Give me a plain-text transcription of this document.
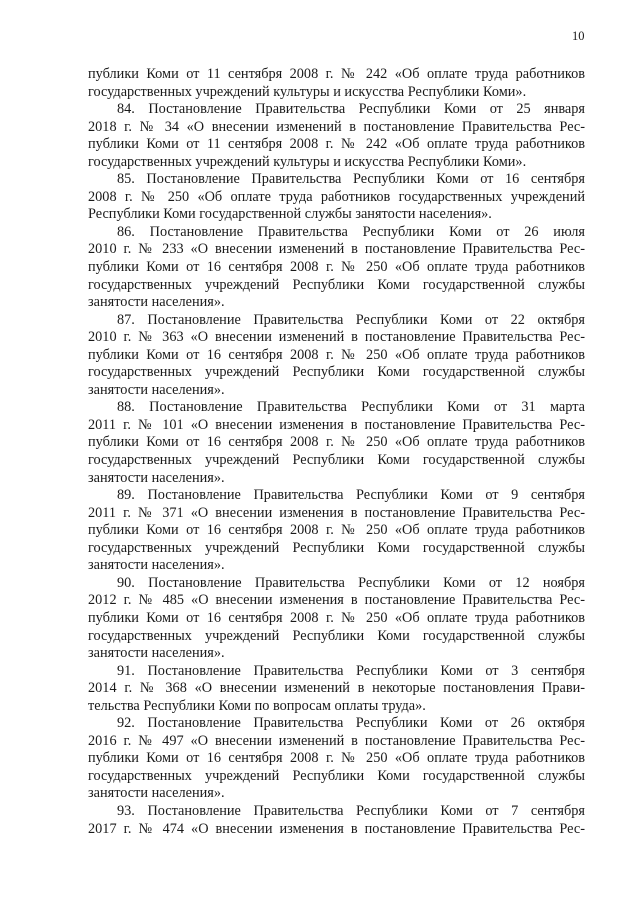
10

публики Коми от 11 сентября 2008 г. № 242 «Об оплате труда работников
государственных учреждений культуры и искусства Республики Коми».

84. Постановление Правительства Республики Коми от 25 января
2018 г. № 34 «О внесении изменений в постановление Правительства Рес-
публики Коми от 11 сентября 2008 г. № 242 «Об оплате труда работников
государственных учреждений культуры и искусства Республики Коми».

85. Постановление Правительства Республики Коми от 16 сентября
2008 г. № 250 «Об оплате труда работников государственных учреждений
Республики Коми государственной службы занятости населения».

86. Постановление Правительства Республики Коми от 26 июля
2010 г. № 233 «О внесении изменений в постановление Правительства Рес-
публики Коми от 16 сентября 2008 г. № 250 «Об оплате труда работников
государственных учреждений Республики Коми государственной службы
занятости населения».

87. Постановление Правительства Республики Коми от 22 октября
2010 г. № 363 «О внесении изменений в постановление Правительства Рес-
публики Коми от 16 сентября 2008 г. № 250 «Об оплате труда работников
государственных учреждений Республики Коми государственной службы
занятости населения».

88. Постановление Правительства Республики Коми от 31 марта
2011 г. № 101 «О внесении изменения в постановление Правительства Рес-
публики Коми от 16 сентября 2008 г. № 250 «Об оплате труда работников
государственных учреждений Республики Коми государственной службы
занятости населения».

89. Постановление Правительства Республики Коми от 9 сентября
2011 г. № 371 «О внесении изменения в постановление Правительства Рес-
публики Коми от 16 сентября 2008 г. № 250 «Об оплате труда работников
государственных учреждений Республики Коми государственной службы
занятости населения».

90. Постановление Правительства Республики Коми от 12 ноября
2012 г. № 485 «О внесении изменения в постановление Правительства Рес-
публики Коми от 16 сентября 2008 г. № 250 «Об оплате труда работников
государственных учреждений Республики Коми государственной службы
занятости населения».

91. Постановление Правительства Республики Коми от 3 сентября
2014 г. № 368 «О внесении изменений в некоторые постановления Прави-
тельства Республики Коми по вопросам оплаты труда».

92. Постановление Правительства Республики Коми от 26 октября
2016 г. № 497 «О внесении изменений в постановление Правительства Рес-
публики Коми от 16 сентября 2008 г. № 250 «Об оплате труда работников
государственных учреждений Республики Коми государственной службы
занятости населения».

93. Постановление Правительства Республики Коми от 7 сентября
2017 г. № 474 «О внесении изменения в постановление Правительства Рес-
